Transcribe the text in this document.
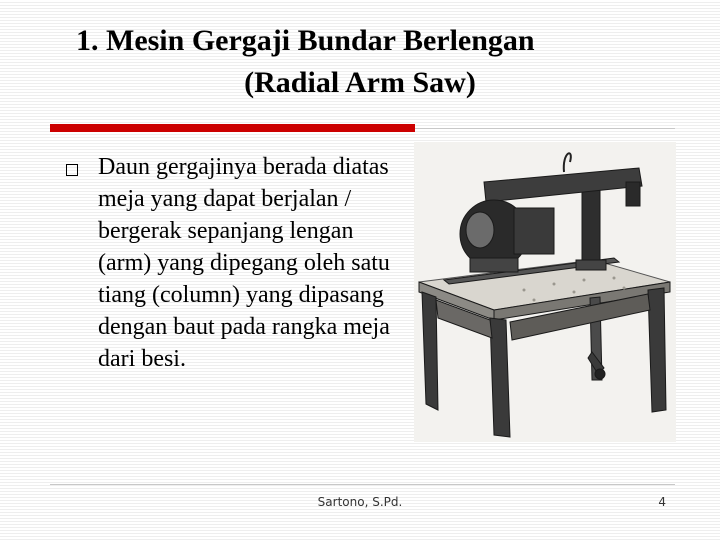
1. Mesin Gergaji Bundar Berlengan
(Radial Arm Saw)
Daun gergajinya berada diatas meja yang dapat berjalan / bergerak sepanjang lengan (arm) yang dipegang oleh satu tiang (column) yang dipasang dengan baut pada rangka meja dari besi.
Sartono, S.Pd.	4
